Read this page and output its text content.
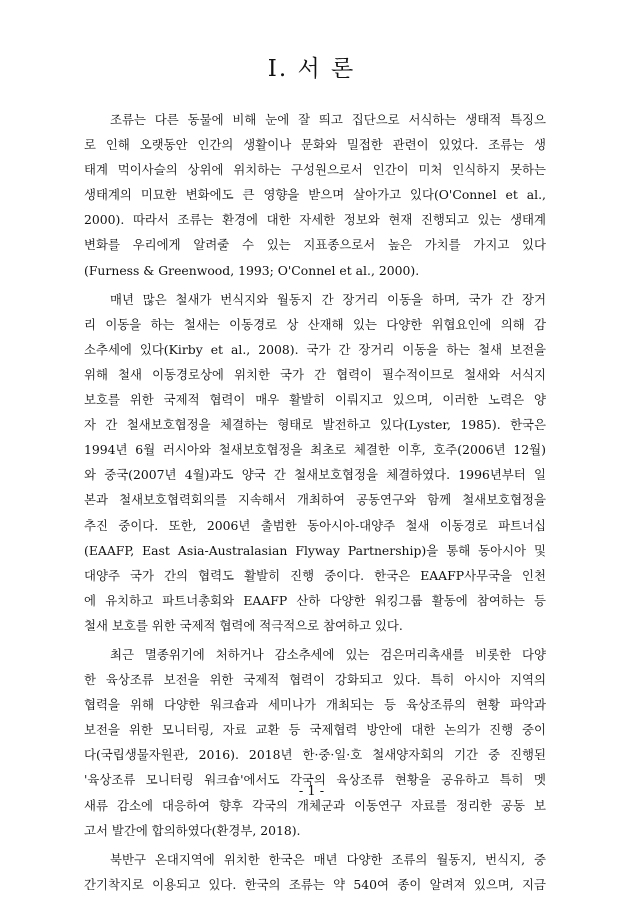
Ⅰ. 서 론
조류는 다른 동물에 비해 눈에 잘 띄고 집단으로 서식하는 생태적 특징으
로 인해 오랫동안 인간의 생활이나 문화와 밀접한 관련이 있었다. 조류는 생
태계 먹이사슬의 상위에 위치하는 구성원으로서 인간이 미처 인식하지 못하는
생태계의 미묘한 변화에도 큰 영향을 받으며 살아가고 있다(O'Connel et al.,
2000). 따라서 조류는 환경에 대한 자세한 정보와 현재 진행되고 있는 생태계
변화를 우리에게 알려줄 수 있는 지표종으로서 높은 가치를 가지고 있다
(Furness & Greenwood, 1993; O'Connel et al., 2000).
매년 많은 철새가 번식지와 월동지 간 장거리 이동을 하며, 국가 간 장거
리 이동을 하는 철새는 이동경로 상 산재해 있는 다양한 위협요인에 의해 감
소추세에 있다(Kirby et al., 2008). 국가 간 장거리 이동을 하는 철새 보전을
위해 철새 이동경로상에 위치한 국가 간 협력이 필수적이므로 철새와 서식지
보호를 위한 국제적 협력이 매우 활발히 이뤄지고 있으며, 이러한 노력은 양
자 간 철새보호협정을 체결하는 형태로 발전하고 있다(Lyster, 1985). 한국은
1994년 6월 러시아와 철새보호협정을 최초로 체결한 이후, 호주(2006년 12월)
와 중국(2007년 4월)과도 양국 간 철새보호협정을 체결하였다. 1996년부터 일
본과 철새보호협력회의를 지속해서 개최하여 공동연구와 함께 철새보호협정을
추진 중이다. 또한, 2006년 출범한 동아시아-대양주 철새 이동경로 파트너십
(EAAFP, East Asia-Australasian Flyway Partnership)을 통해 동아시아 및
대양주 국가 간의 협력도 활발히 진행 중이다. 한국은 EAAFP사무국을 인천
에 유치하고 파트너총회와 EAAFP 산하 다양한 워킹그룹 활동에 참여하는 등
철새 보호를 위한 국제적 협력에 적극적으로 참여하고 있다.
최근 멸종위기에 처하거나 감소추세에 있는 검은머리촉새를 비롯한 다양
한 육상조류 보전을 위한 국제적 협력이 강화되고 있다. 특히 아시아 지역의
협력을 위해 다양한 워크숍과 세미나가 개최되는 등 육상조류의 현황 파악과
보전을 위한 모니터링, 자료 교환 등 국제협력 방안에 대한 논의가 진행 중이
다(국립생물자원관, 2016). 2018년 한·중·일·호 철새양자회의 기간 중 진행된
'육상조류 모니터링 워크숍'에서도 각국의 육상조류 현황을 공유하고 특히 멧
새류 감소에 대응하여 향후 각국의 개체군과 이동연구 자료를 정리한 공동 보
고서 발간에 합의하였다(환경부, 2018).
북반구 온대지역에 위치한 한국은 매년 다양한 조류의 월동지, 번식지, 중
간기착지로 이용되고 있다. 한국의 조류는 약 540여 종이 알려져 있으며, 지금
- 1 -
